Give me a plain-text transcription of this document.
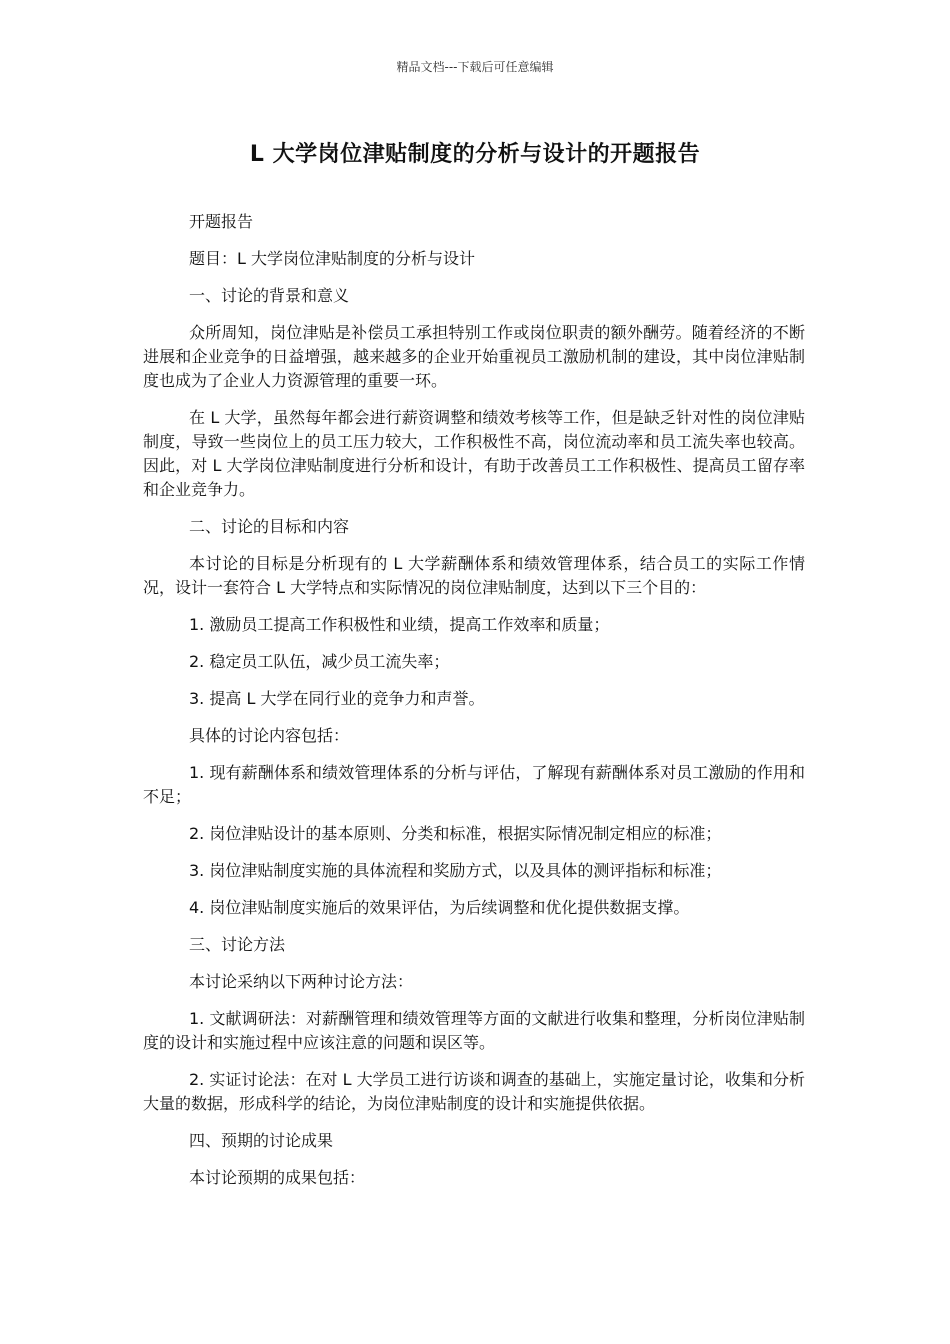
精品文档---下载后可任意编辑
L 大学岗位津贴制度的分析与设计的开题报告

开题报告

题目：L 大学岗位津贴制度的分析与设计

一、讨论的背景和意义

众所周知，岗位津贴是补偿员工承担特别工作或岗位职责的额外酬劳。随着经济的不断进展和企业竞争的日益增强，越来越多的企业开始重视员工激励机制的建设，其中岗位津贴制度也成为了企业人力资源管理的重要一环。

在 L 大学，虽然每年都会进行薪资调整和绩效考核等工作，但是缺乏针对性的岗位津贴制度，导致一些岗位上的员工压力较大，工作积极性不高，岗位流动率和员工流失率也较高。因此，对 L 大学岗位津贴制度进行分析和设计，有助于改善员工工作积极性、提高员工留存率和企业竞争力。

二、讨论的目标和内容

本讨论的目标是分析现有的 L 大学薪酬体系和绩效管理体系，结合员工的实际工作情况，设计一套符合 L 大学特点和实际情况的岗位津贴制度，达到以下三个目的：

1. 激励员工提高工作积极性和业绩，提高工作效率和质量；

2. 稳定员工队伍，减少员工流失率；

3. 提高 L 大学在同行业的竞争力和声誉。

具体的讨论内容包括：

1. 现有薪酬体系和绩效管理体系的分析与评估，了解现有薪酬体系对员工激励的作用和不足；

2. 岗位津贴设计的基本原则、分类和标准，根据实际情况制定相应的标准；

3. 岗位津贴制度实施的具体流程和奖励方式，以及具体的测评指标和标准；

4. 岗位津贴制度实施后的效果评估，为后续调整和优化提供数据支撑。

三、讨论方法

本讨论采纳以下两种讨论方法：

1. 文献调研法：对薪酬管理和绩效管理等方面的文献进行收集和整理，分析岗位津贴制度的设计和实施过程中应该注意的问题和误区等。

2. 实证讨论法：在对 L 大学员工进行访谈和调查的基础上，实施定量讨论，收集和分析大量的数据，形成科学的结论，为岗位津贴制度的设计和实施提供依据。

四、预期的讨论成果

本讨论预期的成果包括：
